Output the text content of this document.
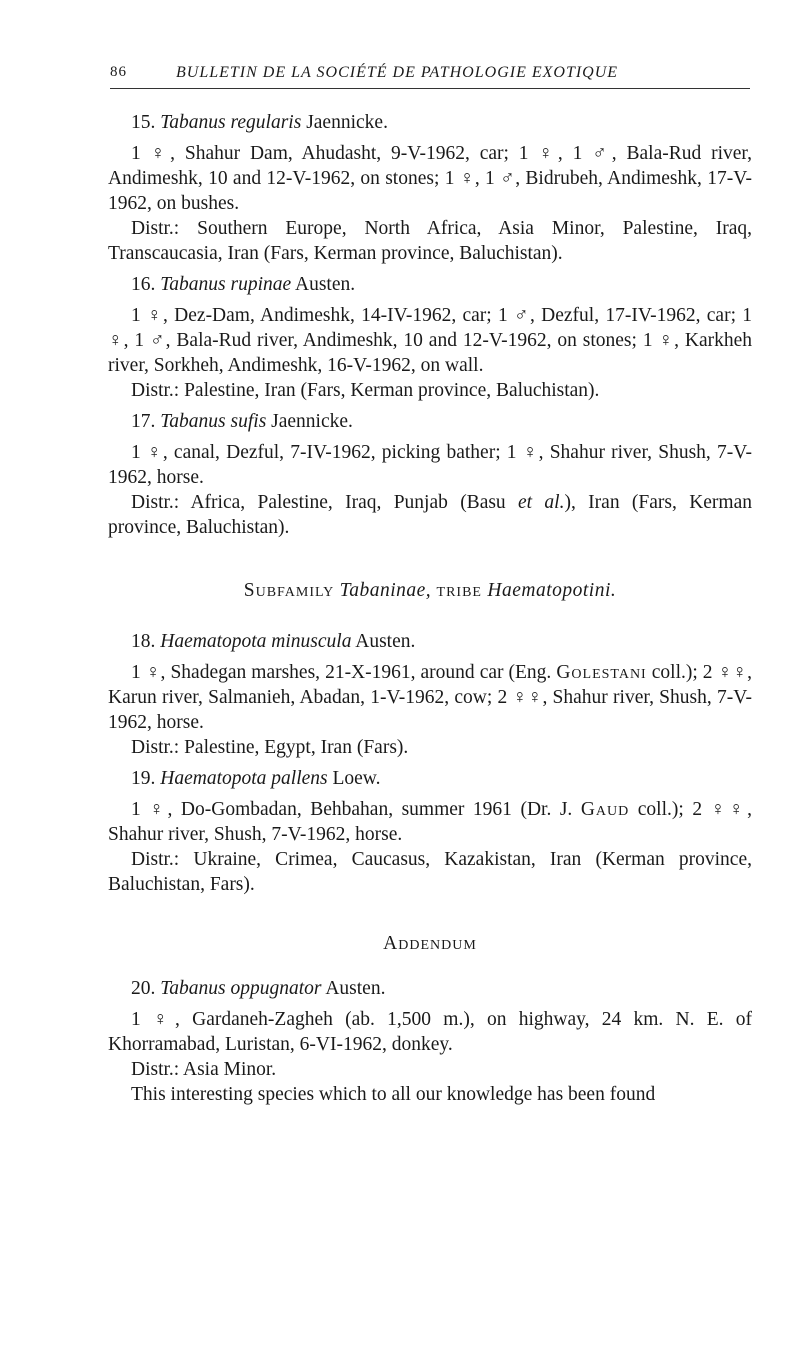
86	BULLETIN DE LA SOCIÉTÉ DE PATHOLOGIE EXOTIQUE

15. Tabanus regularis Jaennicke.

1 ♀, Shahur Dam, Ahudasht, 9-V-1962, car; 1 ♀, 1 ♂, Bala-Rud river, Andimeshk, 10 and 12-V-1962, on stones; 1 ♀, 1 ♂, Bidrubeh, Andimeshk, 17-V-1962, on bushes.

Distr.: Southern Europe, North Africa, Asia Minor, Palestine, Iraq, Transcaucasia, Iran (Fars, Kerman province, Baluchistan).

16. Tabanus rupinae Austen.

1 ♀, Dez-Dam, Andimeshk, 14-IV-1962, car; 1 ♂, Dezful, 17-IV-1962, car; 1 ♀, 1 ♂, Bala-Rud river, Andimeshk, 10 and 12-V-1962, on stones; 1 ♀, Karkheh river, Sorkheh, Andimeshk, 16-V-1962, on wall.

Distr.: Palestine, Iran (Fars, Kerman province, Baluchistan).

17. Tabanus sufis Jaennicke.

1 ♀, canal, Dezful, 7-IV-1962, picking bather; 1 ♀, Shahur river, Shush, 7-V-1962, horse.

Distr.: Africa, Palestine, Iraq, Punjab (Basu et al.), Iran (Fars, Kerman province, Baluchistan).

Subfamily Tabaninae, tribe Haematopotini.

18. Haematopota minuscula Austen.

1 ♀, Shadegan marshes, 21-X-1961, around car (Eng. Golestani coll.); 2 ♀♀, Karun river, Salmanieh, Abadan, 1-V-1962, cow; 2 ♀♀, Shahur river, Shush, 7-V-1962, horse.

Distr.: Palestine, Egypt, Iran (Fars).

19. Haematopota pallens Loew.

1 ♀, Do-Gombadan, Behbahan, summer 1961 (Dr. J. Gaud coll.); 2 ♀♀, Shahur river, Shush, 7-V-1962, horse.

Distr.: Ukraine, Crimea, Caucasus, Kazakistan, Iran (Kerman province, Baluchistan, Fars).

Addendum

20. Tabanus oppugnator Austen.

1 ♀, Gardaneh-Zagheh (ab. 1,500 m.), on highway, 24 km. N. E. of Khorramabad, Luristan, 6-VI-1962, donkey.

Distr.: Asia Minor.

This interesting species which to all our knowledge has been found
